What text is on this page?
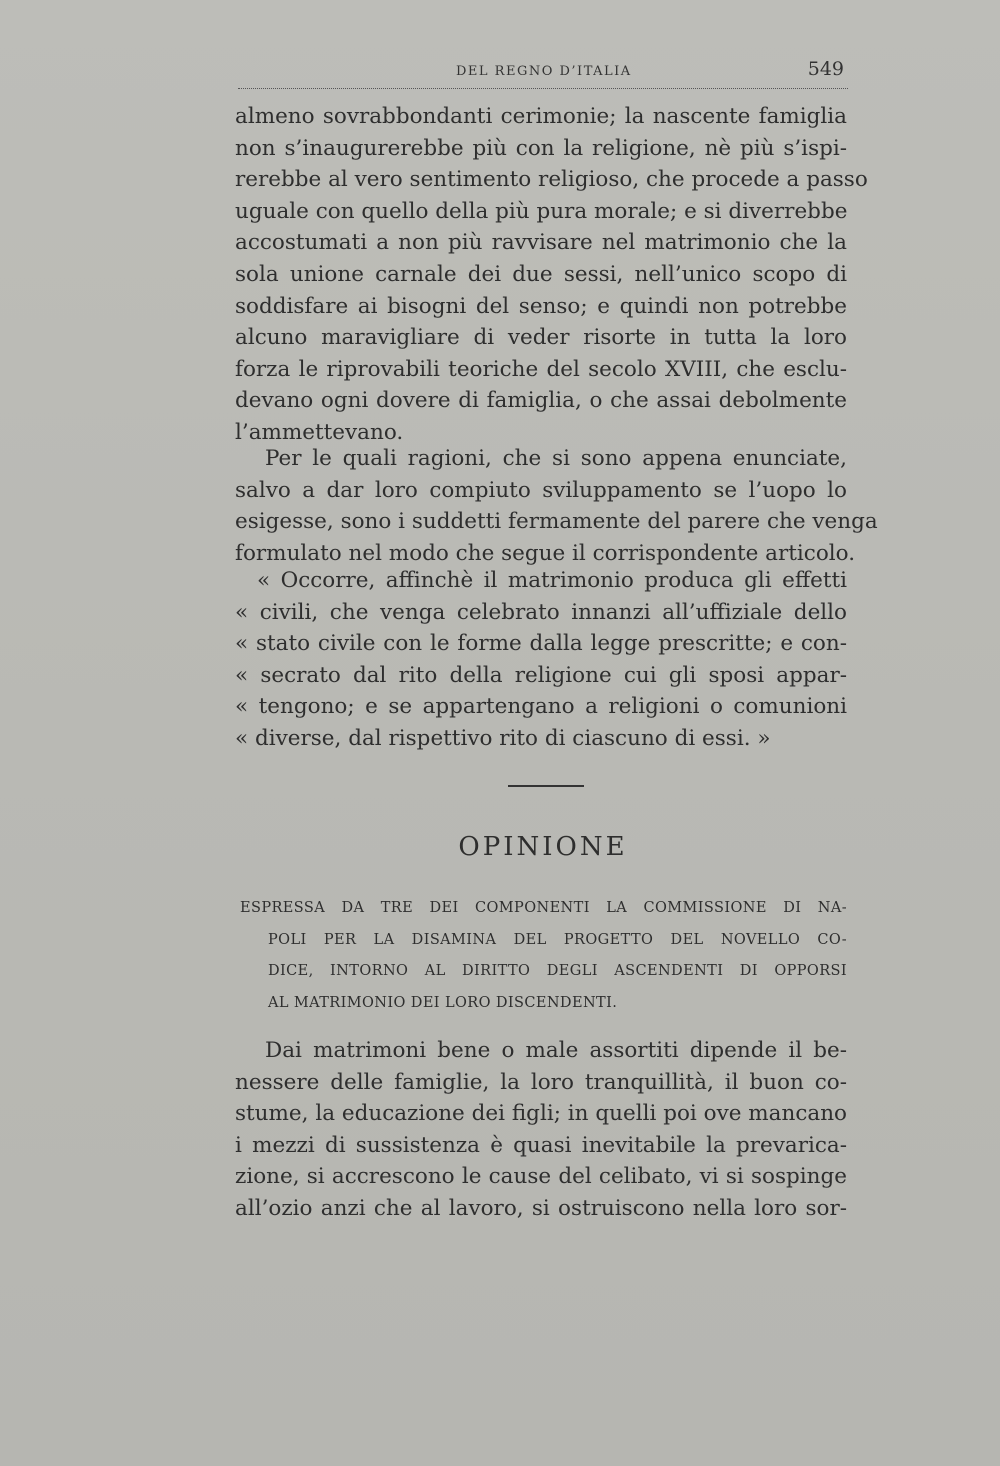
DEL REGNO D’ITALIA	549
almeno sovrabbondanti cerimonie; la nascente famiglia
non s’inaugurerebbe più con la religione, nè più s’ispi-
rerebbe al vero sentimento religioso, che procede a passo
uguale con quello della più pura morale; e si diverrebbe
accostumati a non più ravvisare nel matrimonio che la
sola unione carnale dei due sessi, nell’unico scopo di
soddisfare ai bisogni del senso; e quindi non potrebbe
alcuno maravigliare di veder risorte in tutta la loro
forza le riprovabili teoriche del secolo XVIII, che esclu-
devano ogni dovere di famiglia, o che assai debolmente
l’ammettevano.
Per le quali ragioni, che si sono appena enunciate,
salvo a dar loro compiuto sviluppamento se l’uopo lo
esigesse, sono i suddetti fermamente del parere che venga
formulato nel modo che segue il corrispondente articolo.
« Occorre, affinchè il matrimonio produca gli effetti
« civili, che venga celebrato innanzi all’uffiziale dello
« stato civile con le forme dalla legge prescritte; e con-
« secrato dal rito della religione cui gli sposi appar-
« tengono; e se appartengano a religioni o comunioni
« diverse, dal rispettivo rito di ciascuno di essi. »
OPINIONE
ESPRESSA DA TRE DEI COMPONENTI LA COMMISSIONE DI NA-
POLI PER LA DISAMINA DEL PROGETTO DEL NOVELLO CO-
DICE, INTORNO AL DIRITTO DEGLI ASCENDENTI DI OPPORSI
AL MATRIMONIO DEI LORO DISCENDENTI.
Dai matrimoni bene o male assortiti dipende il be-
nessere delle famiglie, la loro tranquillità, il buon co-
stume, la educazione dei figli; in quelli poi ove mancano
i mezzi di sussistenza è quasi inevitabile la prevarica-
zione, si accrescono le cause del celibato, vi si sospinge
all’ozio anzi che al lavoro, si ostruiscono nella loro sor-
